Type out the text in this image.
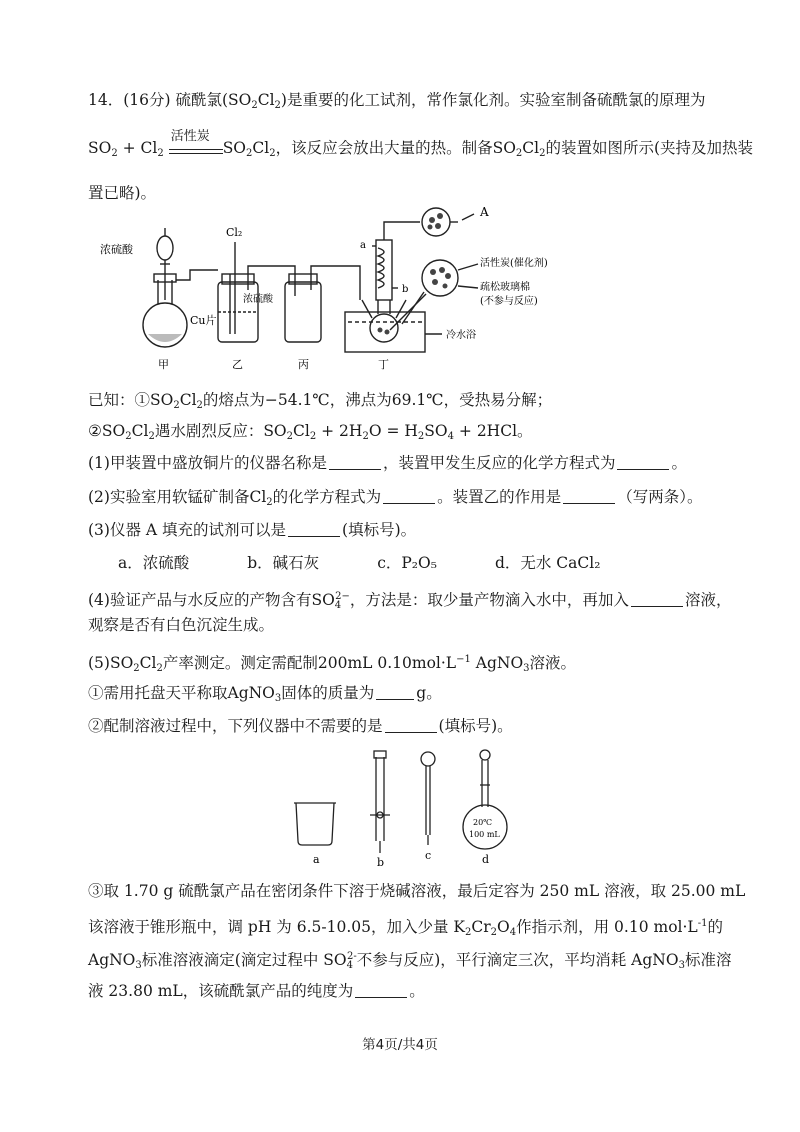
14．(16分) 硫酰氯$(SO_2Cl_2)$是重要的化工试剂，常作氯化剂。实验室制备硫酰氯的原理为
$SO_2 + Cl_2$
活性炭
$SO_2Cl_2$，该反应会放出大量的热。制备$SO_2Cl_2$的装置如图所示(夹持及加热装
置已略)。
浓硫酸
Cl₂
Cu片
浓硫酸
A
a
b
活性炭(催化剂)
疏松玻璃棉
(不参与反应)
冷水浴
甲	乙	丙	丁
已知：$①SO_2Cl_2$的熔点为−54.1℃，沸点为69.1℃，受热易分解；
$②SO_2Cl_2$遇水剧烈反应：$SO_2Cl_2 + 2H_2O = H_2SO_4 + 2HCl$。
(1)甲装置中盛放铜片的仪器名称是	，装置甲发生反应的化学方程式为	。
(2)实验室用软锰矿制备$Cl_2$的化学方程式为	。装置乙的作用是	（写两条）。
(3)仪器 A 填充的试剂可以是	(填标号)。
a．浓硫酸	b．碱石灰	c．P₂O₅	d．无水 CaCl₂
(4)验证产品与水反应的产物含有$SO_4^{2-}$，方法是：取少量产物滴入水中，再加入	溶液，
观察是否有白色沉淀生成。
$(5)SO_2Cl_2$产率测定。测定需配制200mL $0.10mol\cdot L^{-1}$ AgNO$_3$溶液。
①需用托盘天平称取AgNO$_3$固体的质量为	g。
②配制溶液过程中，下列仪器中不需要的是	(填标号)。
a	b
c	d
20℃
100 mL
③取 1.70 g 硫酰氯产品在密闭条件下溶于烧碱溶液，最后定容为 250 mL 溶液，取 25.00 mL
该溶液于锥形瓶中，调 pH 为 6.5-10.05，加入少量 $K_2Cr_2O_4$作指示剂，用 0.10 $mol\cdot L^{-1}$的
AgNO$_3$标准溶液滴定(滴定过程中 $SO_4^{2-}$不参与反应)，平行滴定三次，平均消耗 AgNO$_3$标准溶
液 23.80 mL，该硫酰氯产品的纯度为	。
第4页/共4页
